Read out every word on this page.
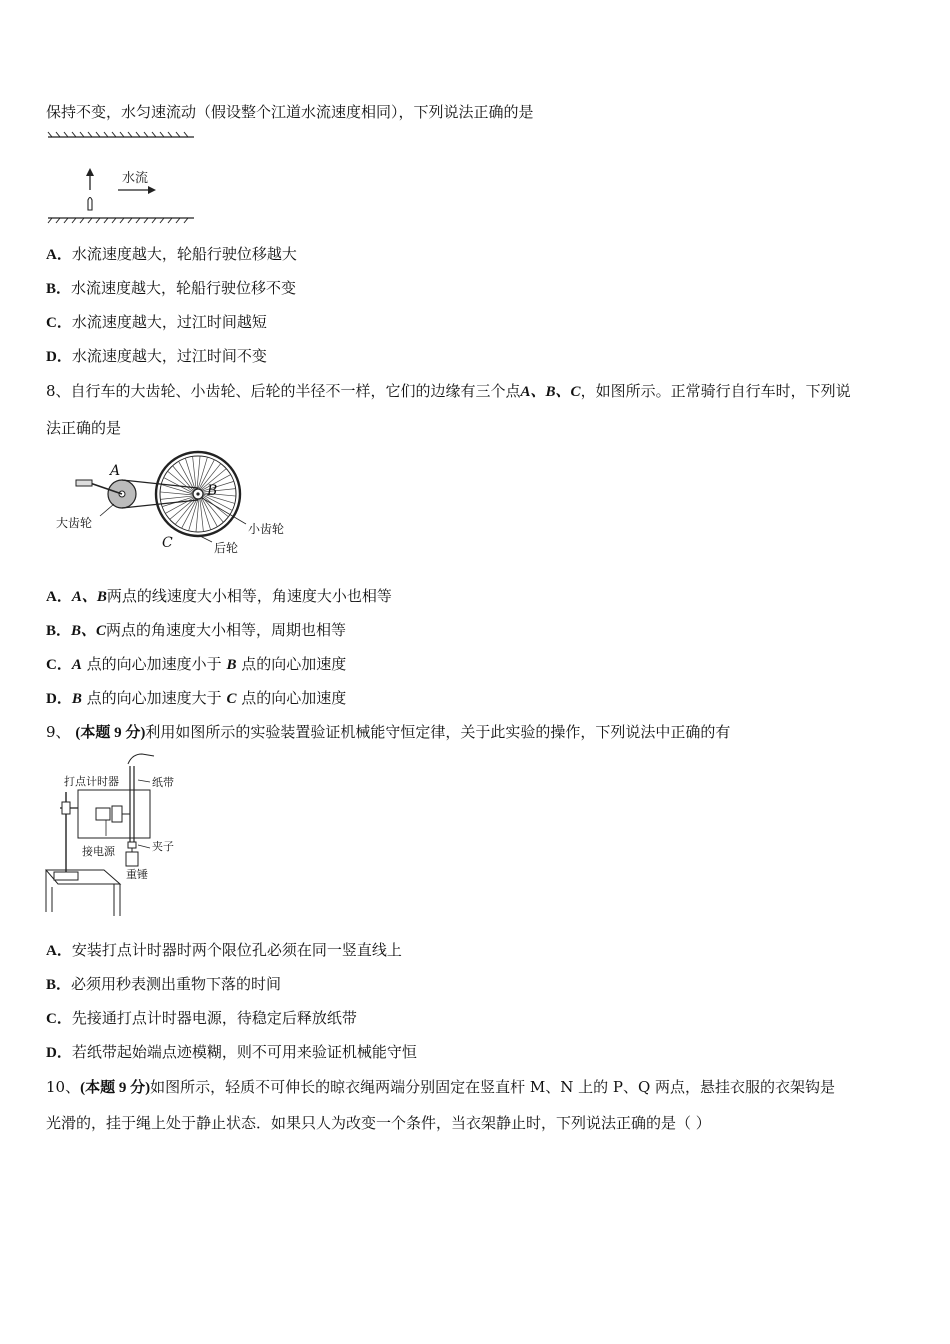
保持不变，水匀速流动（假设整个江道水流速度相同），下列说法正确的是
水流
A．水流速度越大，轮船行驶位移越大
B．水流速度越大，轮船行驶位移不变
C．水流速度越大，过江时间越短
D．水流速度越大，过江时间不变
8、自行车的大齿轮、小齿轮、后轮的半径不一样，它们的边缘有三个点A、B、C，如图所示。正常骑行自行车时，下列说
法正确的是
A
B
C
大齿轮	小齿轮
后轮
A．A、B两点的线速度大小相等，角速度大小也相等
B．B、C两点的角速度大小相等，周期也相等
C．A 点的向心加速度小于 B 点的向心加速度
D．B 点的向心加速度大于 C 点的向心加速度
9、 (本题 9 分)利用如图所示的实验装置验证机械能守恒定律，关于此实验的操作，下列说法中正确的有
打点计时器	纸带
夹子
接电源
重锤
A．安装打点计时器时两个限位孔必须在同一竖直线上
B．必须用秒表测出重物下落的时间
C．先接通打点计时器电源，待稳定后释放纸带
D．若纸带起始端点迹模糊，则不可用来验证机械能守恒
10、(本题 9 分)如图所示，轻质不可伸长的晾衣绳两端分别固定在竖直杆 M、N 上的 P、Q 两点，悬挂衣服的衣架钩是
光滑的，挂于绳上处于静止状态．如果只人为改变一个条件，当衣架静止时，下列说法正确的是（ ）
